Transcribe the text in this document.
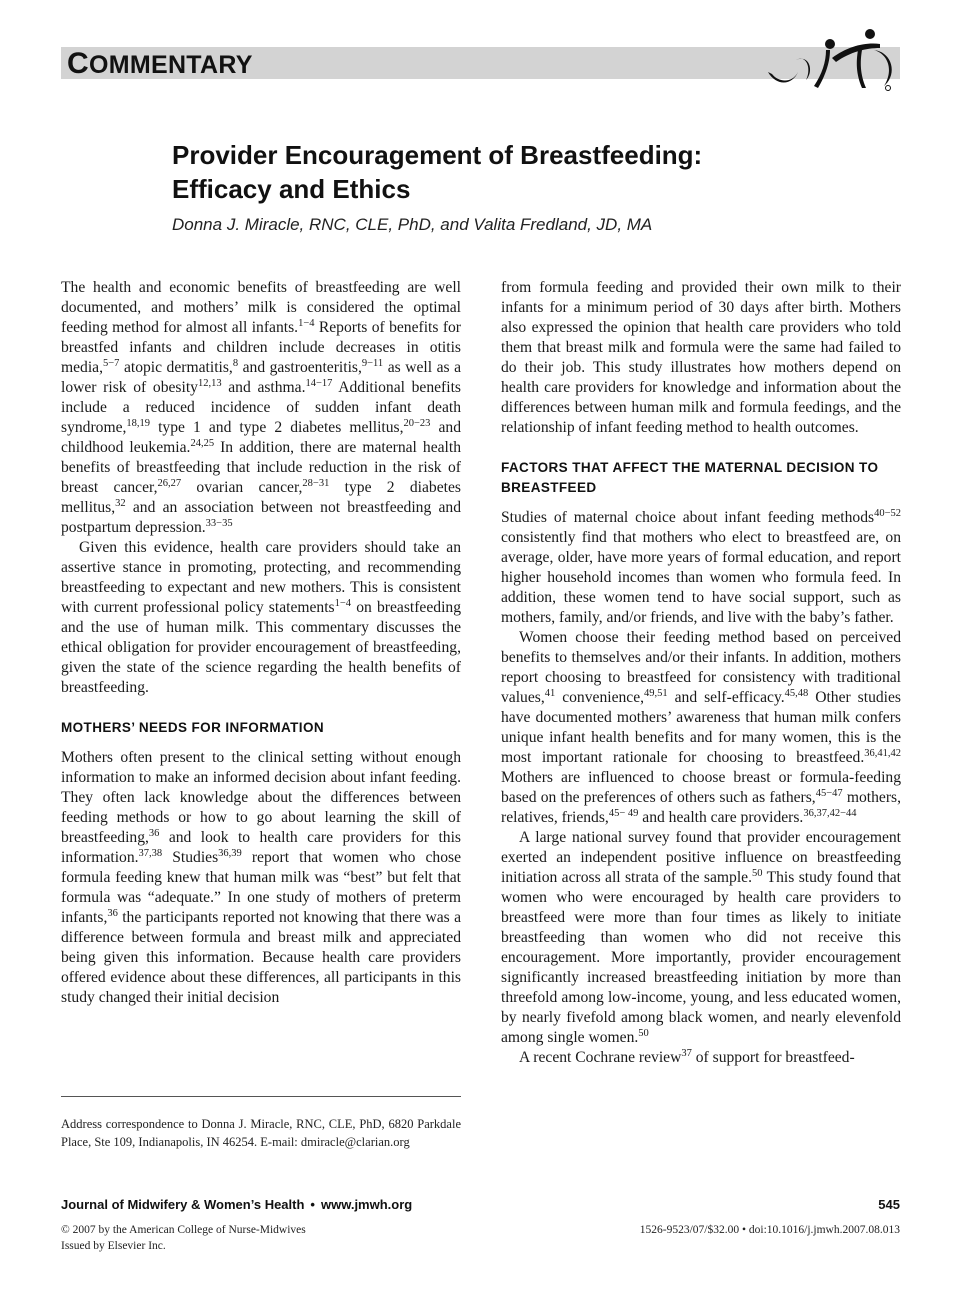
COMMENTARY
Provider Encouragement of Breastfeeding: Efficacy and Ethics

Donna J. Miracle, RNC, CLE, PhD, and Valita Fredland, JD, MA

The health and economic benefits of breastfeeding are well documented, and mothers’ milk is considered the optimal feeding method for almost all infants.$^{1-4}$ Reports of benefits for breastfed infants and children include decreases in otitis media,$^{5-7}$ atopic dermatitis,$^8$ and gastroenteritis,$^{9-11}$ as well as a lower risk of obesity$^{12,13}$ and asthma.$^{14-17}$ Additional benefits include a reduced incidence of sudden infant death syndrome,$^{18,19}$ type 1 and type 2 diabetes mellitus,$^{20-23}$ and childhood leukemia.$^{24,25}$ In addition, there are maternal health benefits of breastfeeding that include reduction in the risk of breast cancer,$^{26,27}$ ovarian cancer,$^{28-31}$ type 2 diabetes mellitus,$^{32}$ and an association between not breastfeeding and postpartum depression.$^{33-35}$

Given this evidence, health care providers should take an assertive stance in promoting, protecting, and recommending breastfeeding to expectant and new mothers. This is consistent with current professional policy statements$^{1-4}$ on breastfeeding and the use of human milk. This commentary discusses the ethical obligation for provider encouragement of breastfeeding, given the state of the science regarding the health benefits of breastfeeding.

MOTHERS’ NEEDS FOR INFORMATION

Mothers often present to the clinical setting without enough information to make an informed decision about infant feeding. They often lack knowledge about the differences between feeding methods or how to go about learning the skill of breastfeeding,$^{36}$ and look to health care providers for this information.$^{37,38}$ Studies$^{36,39}$ report that women who chose formula feeding knew that human milk was “best” but felt that formula was “adequate.” In one study of mothers of preterm infants,$^{36}$ the participants reported not knowing that there was a difference between formula and breast milk and appreciated being given this information. Because health care providers offered evidence about these differences, all participants in this study changed their initial decision

from formula feeding and provided their own milk to their infants for a minimum period of 30 days after birth. Mothers also expressed the opinion that health care providers who told them that breast milk and formula were the same had failed to do their job. This study illustrates how mothers depend on health care providers for knowledge and information about the differences between human milk and formula feedings, and the relationship of infant feeding method to health outcomes.

FACTORS THAT AFFECT THE MATERNAL DECISION TO BREASTFEED

Studies of maternal choice about infant feeding methods$^{40-52}$ consistently find that mothers who elect to breastfeed are, on average, older, have more years of formal education, and report higher household incomes than women who formula feed. In addition, these women tend to have social support, such as mothers, family, and/or friends, and live with the baby’s father.

Women choose their feeding method based on perceived benefits to themselves and/or their infants. In addition, mothers report choosing to breastfeed for consistency with traditional values,$^{41}$ convenience,$^{49,51}$ and self-efficacy.$^{45,48}$ Other studies have documented mothers’ awareness that human milk confers unique infant health benefits and for many women, this is the most important rationale for choosing to breastfeed.$^{36,41,42}$ Mothers are influenced to choose breast or formula-feeding based on the preferences of others such as fathers,$^{45-47}$ mothers, relatives, friends,$^{45- 49}$ and health care providers.$^{36,37,42-44}$

A large national survey found that provider encouragement exerted an independent positive influence on breastfeeding initiation across all strata of the sample.$^{50}$ This study found that women who were encouraged by health care providers to breastfeed were more than four times as likely to initiate breastfeeding than women who did not receive this encouragement. More importantly, provider encouragement significantly increased breastfeeding initiation by more than threefold among low-income, young, and less educated women, by nearly fivefold among black women, and nearly elevenfold among single women.$^{50}$

A recent Cochrane review$^{37}$ of support for breastfeed-

Address correspondence to Donna J. Miracle, RNC, CLE, PhD, 6820 Parkdale Place, Ste 109, Indianapolis, IN 46254. E-mail: dmiracle@clarian.org

Journal of Midwifery & Women’s Health • www.jmwh.org	545
© 2007 by the American College of Nurse-Midwives
Issued by Elsevier Inc.
1526-9523/07/$32.00 • doi:10.1016/j.jmwh.2007.08.013
